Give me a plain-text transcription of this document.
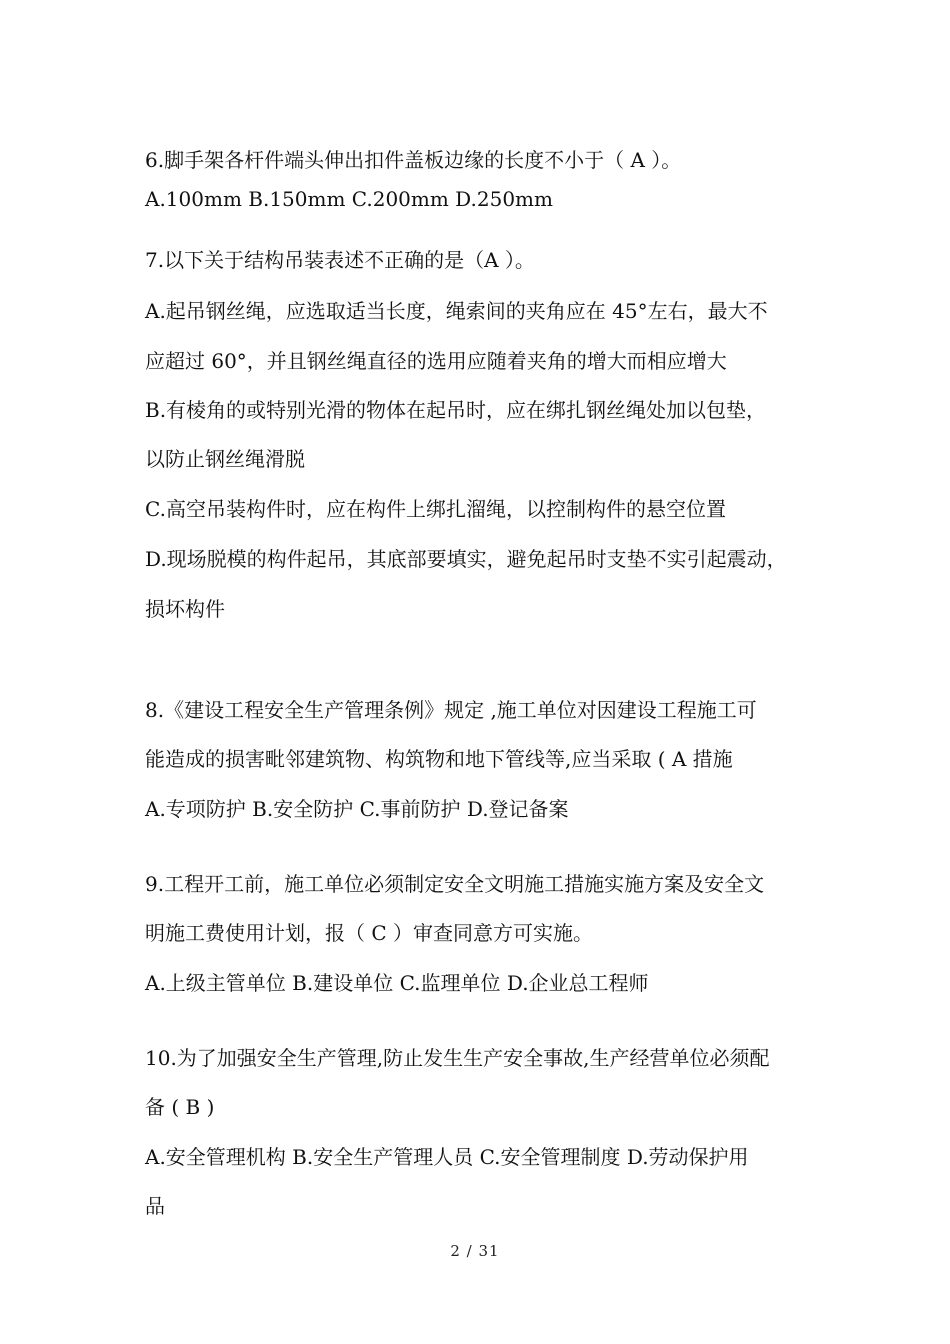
6.脚手架各杆件端头伸出扣件盖板边缘的长度不小于（ A ）。
A.100mm B.150mm C.200mm D.250mm
7.以下关于结构吊装表述不正确的是（A ）。
A.起吊钢丝绳，应选取适当长度，绳索间的夹角应在 45°左右，最大不
应超过 60°，并且钢丝绳直径的选用应随着夹角的增大而相应增大
B.有棱角的或特别光滑的物体在起吊时，应在绑扎钢丝绳处加以包垫，
以防止钢丝绳滑脱
C.高空吊装构件时，应在构件上绑扎溜绳，以控制构件的悬空位置
D.现场脱模的构件起吊，其底部要填实，避免起吊时支垫不实引起震动，
损坏构件
8.《建设工程安全生产管理条例》规定 ,施工单位对因建设工程施工可
能造成的损害毗邻建筑物、构筑物和地下管线等,应当采取 ( A 措施
A.专项防护 B.安全防护 C.事前防护 D.登记备案
9.工程开工前，施工单位必须制定安全文明施工措施实施方案及安全文
明施工费使用计划，报（ C ）审查同意方可实施。
A.上级主管单位 B.建设单位 C.监理单位 D.企业总工程师
10.为了加强安全生产管理,防止发生生产安全事故,生产经营单位必须配
备 ( B )
A.安全管理机构 B.安全生产管理人员 C.安全管理制度 D.劳动保护用
品
2 / 31
